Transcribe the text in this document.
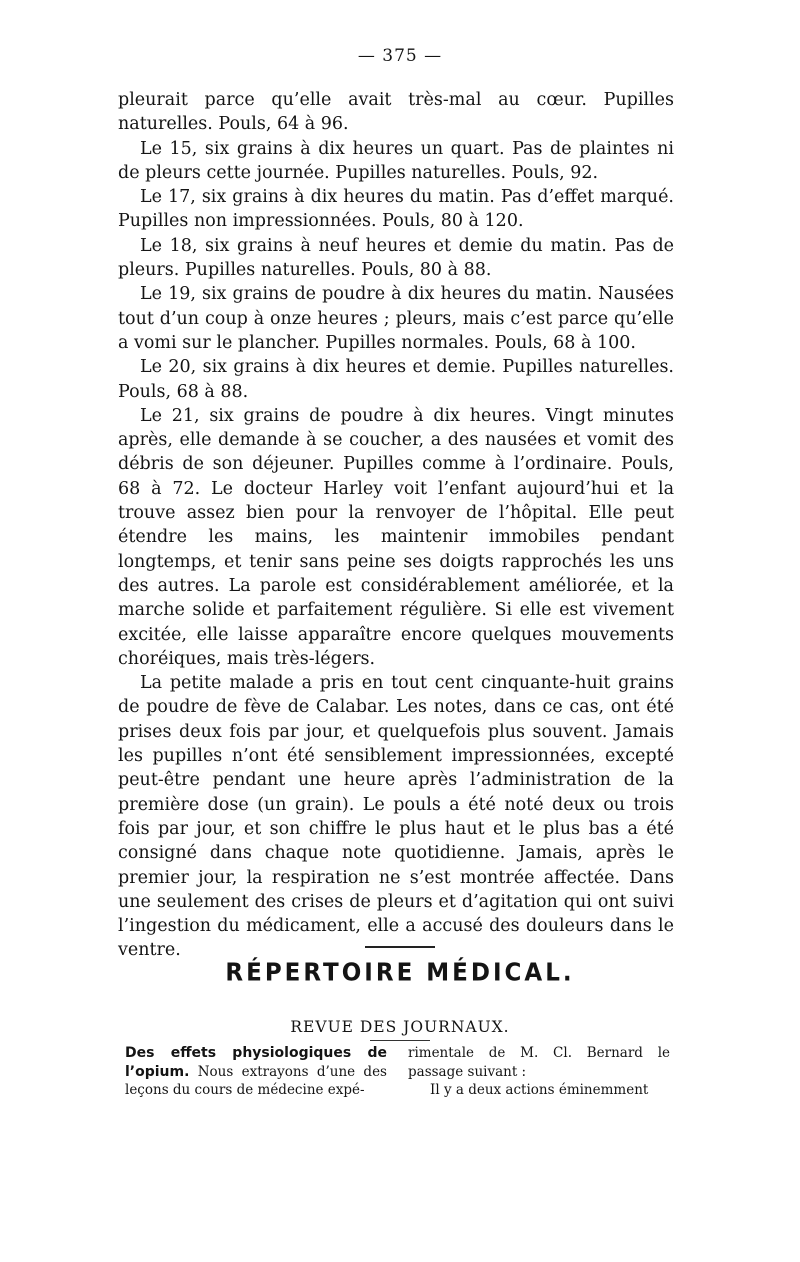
— 375 —

pleurait parce qu’elle avait très-mal au cœur. Pupilles naturelles. Pouls, 64 à 96.

Le 15, six grains à dix heures un quart. Pas de plaintes ni de pleurs cette journée. Pupilles naturelles. Pouls, 92.

Le 17, six grains à dix heures du matin. Pas d’effet marqué. Pupilles non impressionnées. Pouls, 80 à 120.

Le 18, six grains à neuf heures et demie du matin. Pas de pleurs. Pupilles naturelles. Pouls, 80 à 88.

Le 19, six grains de poudre à dix heures du matin. Nausées tout d’un coup à onze heures ; pleurs, mais c’est parce qu’elle a vomi sur le plancher. Pupilles normales. Pouls, 68 à 100.

Le 20, six grains à dix heures et demie. Pupilles naturelles. Pouls, 68 à 88.

Le 21, six grains de poudre à dix heures. Vingt minutes après, elle demande à se coucher, a des nausées et vomit des débris de son déjeuner. Pupilles comme à l’ordinaire. Pouls, 68 à 72. Le docteur Harley voit l’enfant aujourd’hui et la trouve assez bien pour la renvoyer de l’hôpital. Elle peut étendre les mains, les maintenir immobiles pendant longtemps, et tenir sans peine ses doigts rapprochés les uns des autres. La parole est considérablement améliorée, et la marche solide et parfaitement régulière. Si elle est vivement excitée, elle laisse apparaître encore quelques mouvements choréiques, mais très-légers.

La petite malade a pris en tout cent cinquante-huit grains de poudre de fève de Calabar. Les notes, dans ce cas, ont été prises deux fois par jour, et quelquefois plus souvent. Jamais les pupilles n’ont été sensiblement impressionnées, excepté peut-être pendant une heure après l’administration de la première dose (un grain). Le pouls a été noté deux ou trois fois par jour, et son chiffre le plus haut et le plus bas a été consigné dans chaque note quotidienne. Jamais, après le premier jour, la respiration ne s’est montrée affectée. Dans une seulement des crises de pleurs et d’agitation qui ont suivi l’ingestion du médicament, elle a accusé des douleurs dans le ventre.

RÉPERTOIRE MÉDICAL.
REVUE DES JOURNAUX.
Des effets physiologiques de l’opium. Nous extrayons d’une des leçons du cours de médecine expé-
rimentale de M. Cl. Bernard le passage suivant :
Il y a deux actions éminemment
